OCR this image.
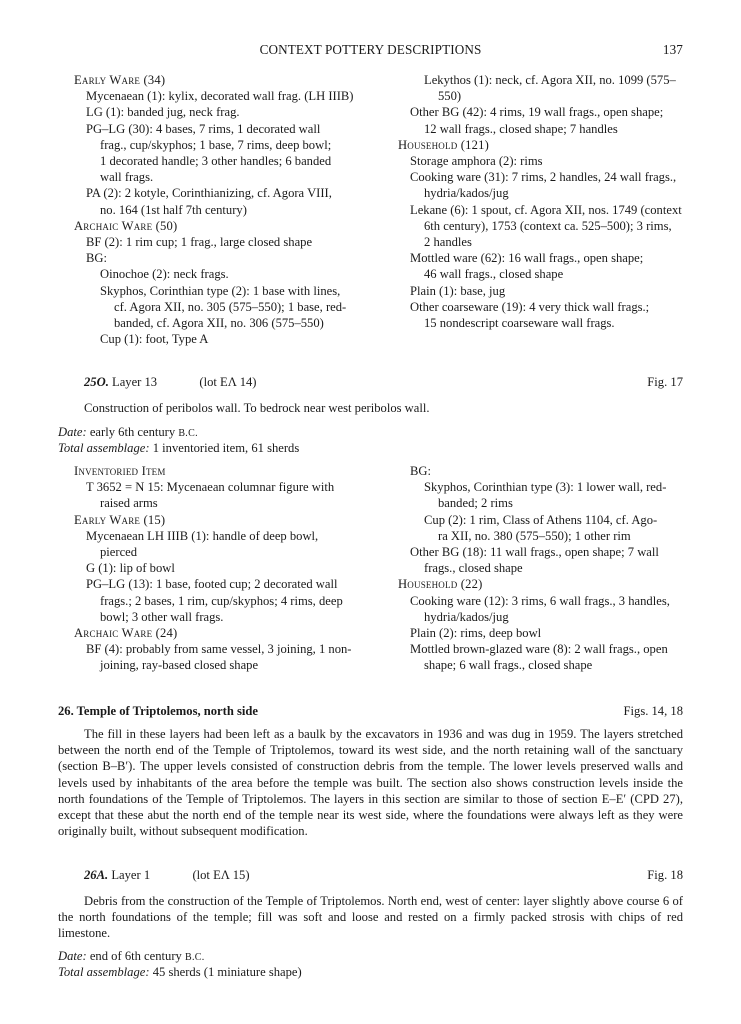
CONTEXT POTTERY DESCRIPTIONS	137
Early Ware (34)
Mycenaean (1): kylix, decorated wall frag. (LH IIIB)
LG (1): banded jug, neck frag.
PG–LG (30): 4 bases, 7 rims, 1 decorated wall
frag., cup/skyphos; 1 base, 7 rims, deep bowl;
1 decorated handle; 3 other handles; 6 banded
wall frags.
PA (2): 2 kotyle, Corinthianizing, cf. Agora VIII,
no. 164 (1st half 7th century)
Archaic Ware (50)
BF (2): 1 rim cup; 1 frag., large closed shape
BG:
Oinochoe (2): neck frags.
Skyphos, Corinthian type (2): 1 base with lines,
cf. Agora XII, no. 305 (575–550); 1 base, red-
banded, cf. Agora XII, no. 306 (575–550)
Cup (1): foot, Type A
Lekythos (1): neck, cf. Agora XII, no. 1099 (575–
550)
Other BG (42): 4 rims, 19 wall frags., open shape;
12 wall frags., closed shape; 7 handles
Household (121)
Storage amphora (2): rims
Cooking ware (31): 7 rims, 2 handles, 24 wall frags.,
hydria/kados/jug
Lekane (6): 1 spout, cf. Agora XII, nos. 1749 (context
6th century), 1753 (context ca. 525–500); 3 rims,
2 handles
Mottled ware (62): 16 wall frags., open shape;
46 wall frags., closed shape
Plain (1): base, jug
Other coarseware (19): 4 very thick wall frags.;
15 nondescript coarseware wall frags.
25O. Layer 13	(lot EΛ 14)	Fig. 17
Construction of peribolos wall. To bedrock near west peribolos wall.
Date: early 6th century B.C.
Total assemblage: 1 inventoried item, 61 sherds
Inventoried Item
T 3652 = N 15: Mycenaean columnar figure with
raised arms
Early Ware (15)
Mycenaean LH IIIB (1): handle of deep bowl,
pierced
G (1): lip of bowl
PG–LG (13): 1 base, footed cup; 2 decorated wall
frags.; 2 bases, 1 rim, cup/skyphos; 4 rims, deep
bowl; 3 other wall frags.
Archaic Ware (24)
BF (4): probably from same vessel, 3 joining, 1 non-
joining, ray-based closed shape
BG:
Skyphos, Corinthian type (3): 1 lower wall, red-
banded; 2 rims
Cup (2): 1 rim, Class of Athens 1104, cf. Ago-
ra XII, no. 380 (575–550); 1 other rim
Other BG (18): 11 wall frags., open shape; 7 wall
frags., closed shape
Household (22)
Cooking ware (12): 3 rims, 6 wall frags., 3 handles,
hydria/kados/jug
Plain (2): rims, deep bowl
Mottled brown-glazed ware (8): 2 wall frags., open
shape; 6 wall frags., closed shape
26. Temple of Triptolemos, north side	Figs. 14, 18
The fill in these layers had been left as a baulk by the excavators in 1936 and was dug in 1959. The layers stretched between the north end of the Temple of Triptolemos, toward its west side, and the north retaining wall of the sanctuary (section B–B′). The upper levels consisted of construction debris from the temple. The lower levels preserved walls and levels used by inhabitants of the area before the temple was built. The section also shows construction levels inside the north foundations of the Temple of Triptolemos. The layers in this section are similar to those of section E–E′ (CPD 27), except that these abut the north end of the temple near its west side, where the foundations were always left as they were originally built, without subsequent modification.
26A. Layer 1	(lot EΛ 15)	Fig. 18
Debris from the construction of the Temple of Triptolemos. North end, west of center: layer slightly above course 6 of the north foundations of the temple; fill was soft and loose and rested on a firmly packed strosis with chips of red limestone.
Date: end of 6th century B.C.
Total assemblage: 45 sherds (1 miniature shape)
